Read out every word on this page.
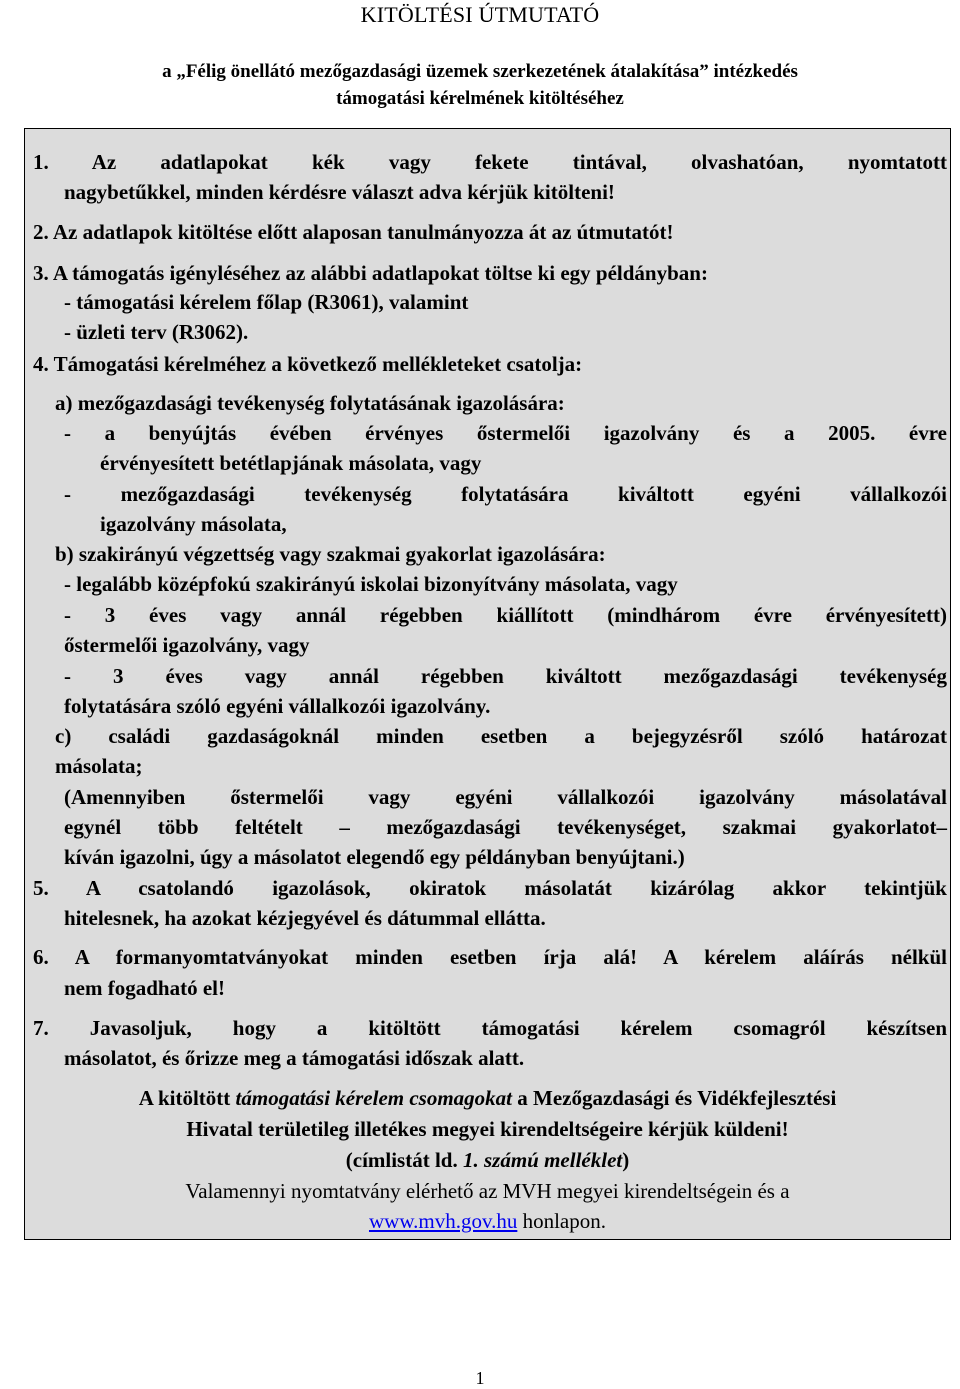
KITÖLTÉSI ÚTMUTATÓ
a „Félig önellátó mezőgazdasági üzemek szerkezetének átalakítása” intézkedés
támogatási kérelmének kitöltéséhez
1. Az adatlapokat kék vagy fekete tintával, olvashatóan, nyomtatott
nagybetűkkel, minden kérdésre választ adva kérjük kitölteni!
2. Az adatlapok kitöltése előtt alaposan tanulmányozza át az útmutatót!
3. A támogatás igényléséhez az alábbi adatlapokat töltse ki egy példányban:
- támogatási kérelem főlap (R3061), valamint
- üzleti terv (R3062).
4. Támogatási kérelméhez a következő mellékleteket csatolja:
a) mezőgazdasági tevékenység folytatásának igazolására:
- a benyújtás évében érvényes őstermelői igazolvány és a 2005. évre
érvényesített betétlapjának másolata, vagy
- mezőgazdasági tevékenység folytatására kiváltott egyéni vállalkozói
igazolvány másolata,
b) szakirányú végzettség vagy szakmai gyakorlat igazolására:
- legalább középfokú szakirányú iskolai bizonyítvány másolata, vagy
- 3 éves vagy annál régebben kiállított (mindhárom évre érvényesített)
őstermelői igazolvány, vagy
- 3 éves vagy annál régebben kiváltott mezőgazdasági tevékenység
folytatására szóló egyéni vállalkozói igazolvány.
c) családi gazdaságoknál minden esetben a bejegyzésről szóló határozat
másolata;
(Amennyiben őstermelői vagy egyéni vállalkozói igazolvány másolatával
egynél több feltételt – mezőgazdasági tevékenységet, szakmai gyakorlatot–
kíván igazolni, úgy a másolatot elegendő egy példányban benyújtani.)
5. A csatolandó igazolások, okiratok másolatát kizárólag akkor tekintjük
hitelesnek, ha azokat kézjegyével és dátummal ellátta.
6. A formanyomtatványokat minden esetben írja alá! A kérelem aláírás nélkül
nem fogadható el!
7. Javasoljuk, hogy a kitöltött támogatási kérelem csomagról készítsen
másolatot, és őrizze meg a támogatási időszak alatt.
A kitöltött támogatási kérelem csomagokat a Mezőgazdasági és Vidékfejlesztési
Hivatal területileg illetékes megyei kirendeltségeire kérjük küldeni!
(címlistát ld. 1. számú melléklet)
Valamennyi nyomtatvány elérhető az MVH megyei kirendeltségein és a
www.mvh.gov.hu honlapon.
1
